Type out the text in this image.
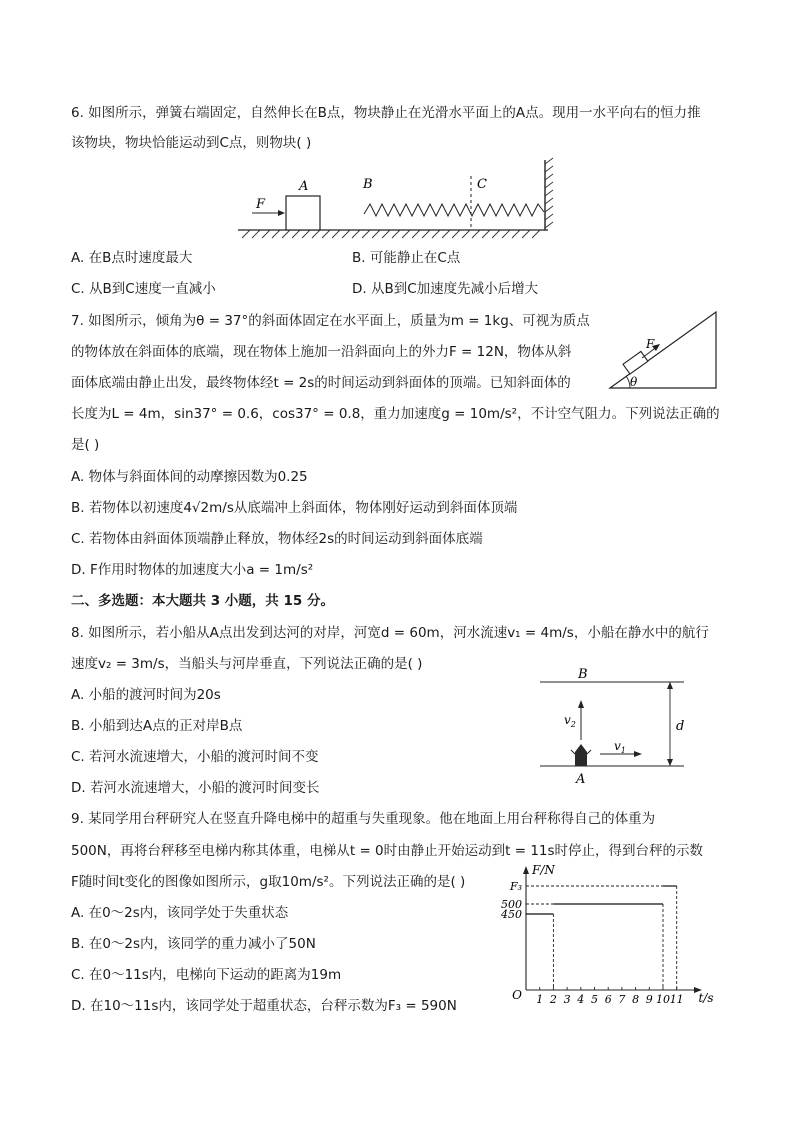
6. 如图所示，弹簧右端固定，自然伸长在B点，物块静止在光滑水平面上的A点。现用一水平向右的恒力推
该物块，物块恰能运动到C点，则物块( )
F
A	B	C
A. 在B点时速度最大	B. 可能静止在C点
C. 从B到C速度一直减小	D. 从B到C加速度先减小后增大
7. 如图所示，倾角为θ = 37°的斜面体固定在水平面上，质量为m = 1kg、可视为质点
的物体放在斜面体的底端，现在物体上施加一沿斜面向上的外力F = 12N，物体从斜
面体底端由静止出发，最终物体经t = 2s的时间运动到斜面体的顶端。已知斜面体的
长度为L = 4m，sin37° = 0.6，cos37° = 0.8，重力加速度g = 10m/s²，不计空气阻力。下列说法正确的
是( )
F
θ
A. 物体与斜面体间的动摩擦因数为0.25
B. 若物体以初速度4√2m/s从底端冲上斜面体，物体刚好运动到斜面体顶端
C. 若物体由斜面体顶端静止释放，物体经2s的时间运动到斜面体底端
D. F作用时物体的加速度大小a = 1m/s²
二、多选题：本大题共 3 小题，共 15 分。
8. 如图所示，若小船从A点出发到达河的对岸，河宽d = 60m，河水流速v₁ = 4m/s，小船在静水中的航行
速度v₂ = 3m/s，当船头与河岸垂直，下列说法正确的是( )
B
d
$v_2$
$v_1$
A
A. 小船的渡河时间为20s
B. 小船到达A点的正对岸B点
C. 若河水流速增大，小船的渡河时间不变
D. 若河水流速增大，小船的渡河时间变长
9. 某同学用台秤研究人在竖直升降电梯中的超重与失重现象。他在地面上用台秤称得自己的体重为
500N，再将台秤移至电梯内称其体重，电梯从t = 0时由静止开始运动到t = 11s时停止，得到台秤的示数
F随时间t变化的图像如图所示，g取10m/s²。下列说法正确的是( )
A. 在0～2s内，该同学处于失重状态
B. 在0～2s内，该同学的重力减小了50N
C. 在0～11s内，电梯向下运动的距离为19m
D. 在10～11s内，该同学处于超重状态，台秤示数为F₃ = 590N
F/N
t/s
O 1 2 3 4 5 6 7 8 9 10 11
450
500
F₃
